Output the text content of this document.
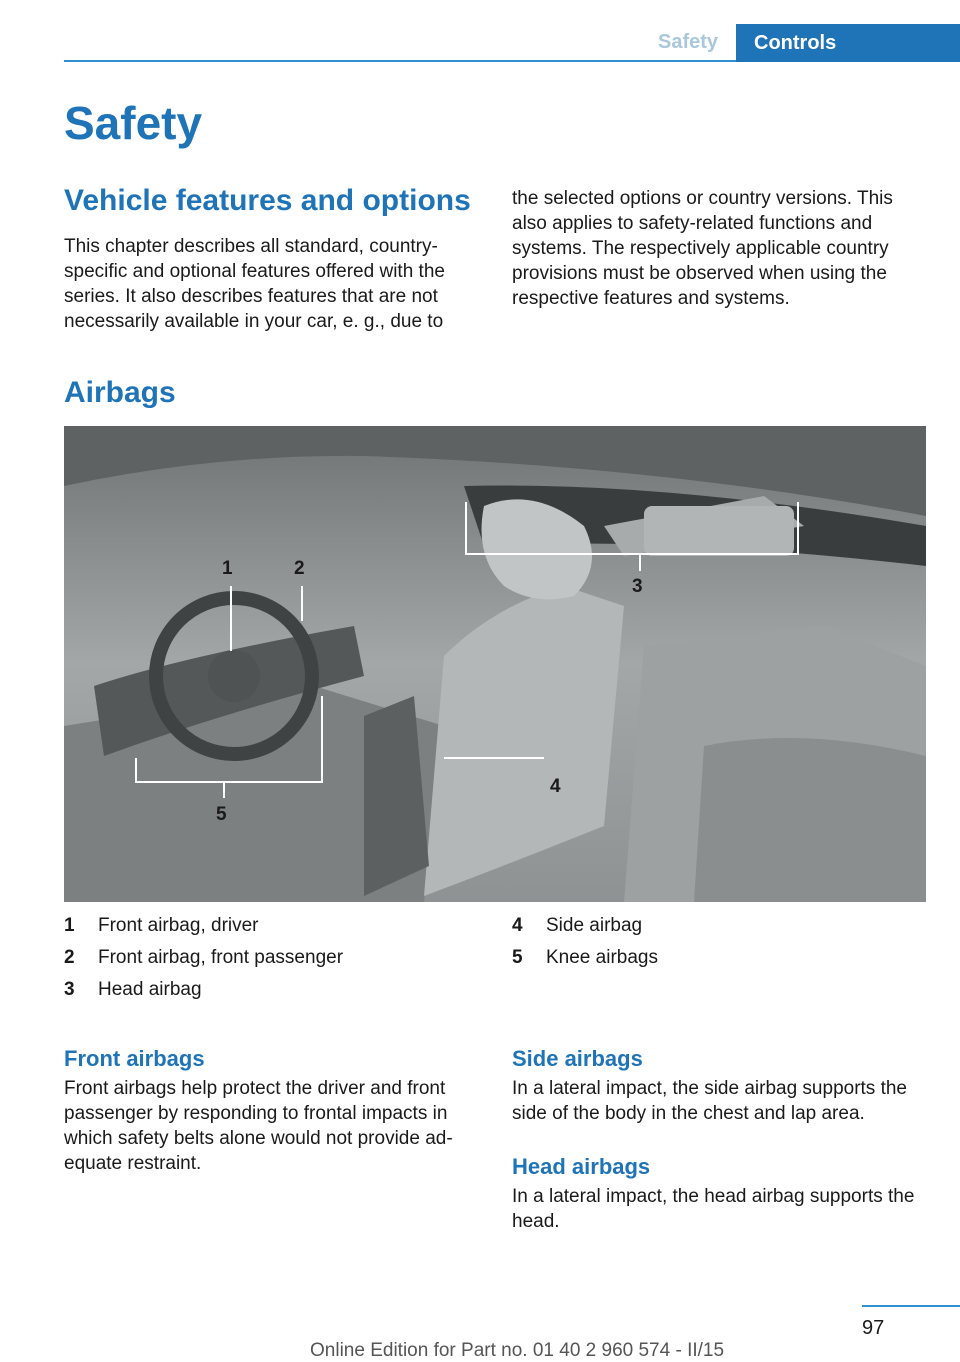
Safety	Controls
Safety
Vehicle features and options

This chapter describes all standard, country-specific and optional features offered with the series. It also describes features that are not necessarily available in your car, e. g., due to

the selected options or country versions. This also applies to safety-related functions and systems. The respectively applicable country provisions must be observed when using the respective features and systems.

Airbags
1	2
3
4
5
1 Front airbag, driver
2 Front airbag, front passenger
3 Head airbag
4 Side airbag
5 Knee airbags
Front airbags

Front airbags help protect the driver and front passenger by responding to frontal impacts in which safety belts alone would not provide ad-equate restraint.

Side airbags

In a lateral impact, the side airbag supports the side of the body in the chest and lap area.

Head airbags

In a lateral impact, the head airbag supports the head.

97
Online Edition for Part no. 01 40 2 960 574 - II/15
